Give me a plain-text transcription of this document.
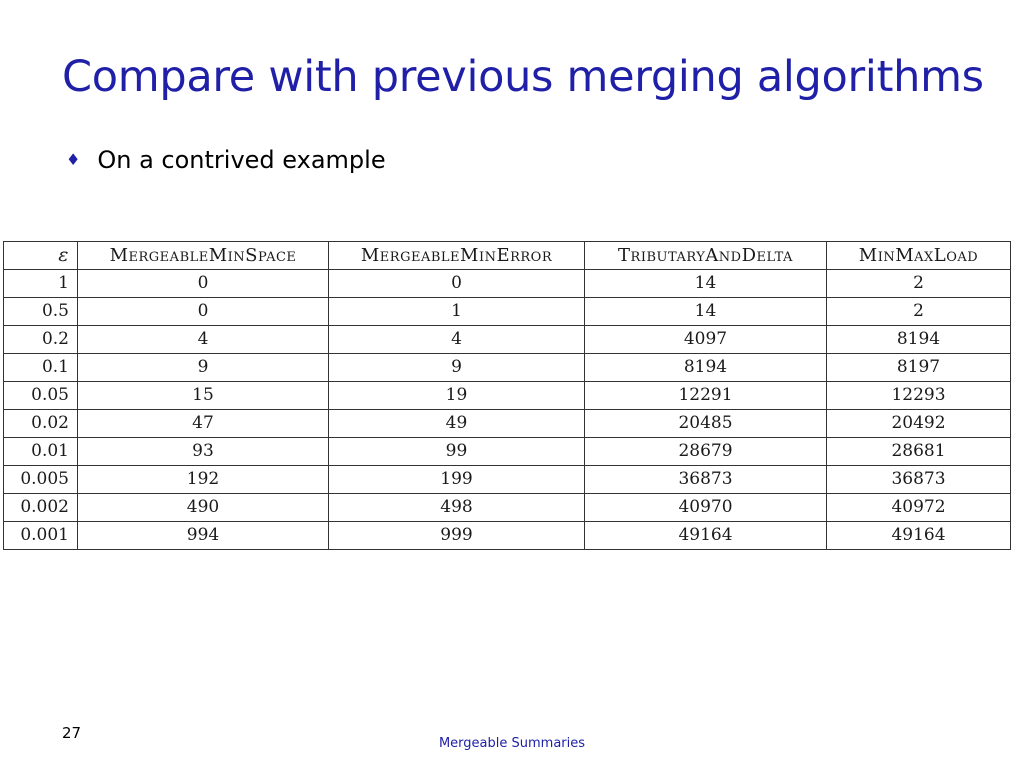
Compare with previous merging algorithms
♦ On a contrived example
ε	MergeableMinSpace	MergeableMinError	TributaryAndDelta	MinMaxLoad
1	0	0	14	2
0.5	0	1	14	2
0.2	4	4	4097	8194
0.1	9	9	8194	8197
0.05	15	19	12291	12293
0.02	47	49	20485	20492
0.01	93	99	28679	28681
0.005	192	199	36873	36873
0.002	490	498	40970	40972
0.001	994	999	49164	49164
27
Mergeable Summaries
